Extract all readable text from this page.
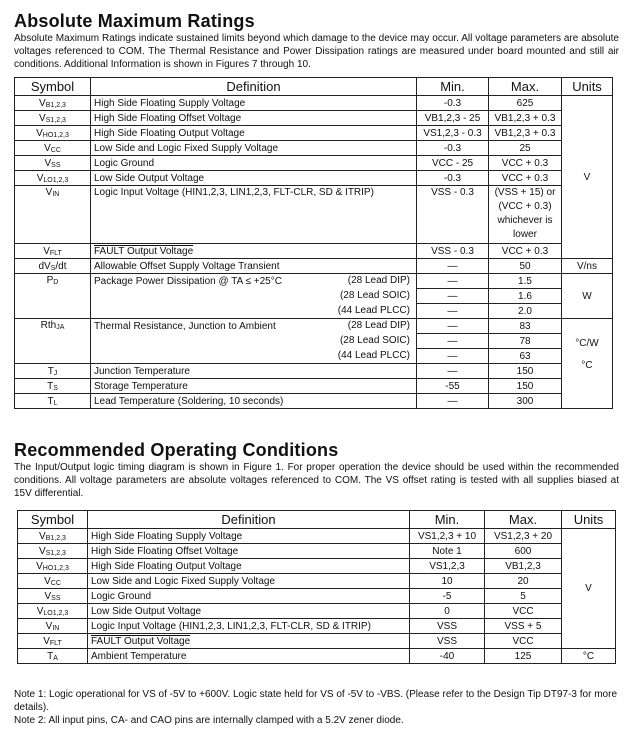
Absolute Maximum Ratings

Absolute Maximum Ratings indicate sustained limits beyond which damage to the device may occur. All voltage parameters are absolute voltages referenced to COM. The Thermal Resistance and Power Dissipation ratings are measured under board mounted and still air conditions. Additional Information is shown in Figures 7 through 10.

Symbol	Definition	Min.	Max.	Units
$V_{B1,2,3}$	High Side Floating Supply Voltage	-0.3	625	V
$V_{S1,2,3}$	High Side Floating Offset Voltage	VB1,2,3 - 25	VB1,2,3 + 0.3	
$V_{HO1,2,3}$	High Side Floating Output Voltage	VS1,2,3 - 0.3	VB1,2,3 + 0.3	
$V_{CC}$	Low Side and Logic Fixed Supply Voltage	-0.3	25	
$V_{SS}$	Logic Ground	VCC - 25	VCC + 0.3	
$V_{LO1,2,3}$	Low Side Output Voltage	-0.3	VCC + 0.3	
$V_{IN}$	Logic Input Voltage (HIN1,2,3, LIN1,2,3, FLT-CLR, SD & ITRIP)	VSS - 0.3	(VSS + 15) or (VCC + 0.3) whichever is lower	
$V_{FLT}$	FAULT Output Voltage	VSS - 0.3	VCC + 0.3	
$dV_S/dt$	Allowable Offset Supply Voltage Transient	—	50	V/ns
$P_D$	Package Power Dissipation @ TA ≤ +25°C (28 Lead DIP)	—	1.5	W

	(28 Lead SOIC)	—	1.6	

	(44 Lead PLCC)	—	2.0	
Rth$_{JA}$	Thermal Resistance, Junction to Ambient (28 Lead DIP)	—	83	°C/W
°C

	(28 Lead SOIC)	—	78	

	(44 Lead PLCC)	—	63	
$T_J$	Junction Temperature	—	150	
$T_S$	Storage Temperature	-55	150	
$T_L$	Lead Temperature (Soldering, 10 seconds)	—	300	
Recommended Operating Conditions

The Input/Output logic timing diagram is shown in Figure 1. For proper operation the device should be used within the recommended conditions. All voltage parameters are absolute voltages referenced to COM. The VS offset rating is tested with all supplies biased at 15V differential.

Symbol	Definition	Min.	Max.	Units
$V_{B1,2,3}$	High Side Floating Supply Voltage	VS1,2,3 + 10	VS1,2,3 + 20	V
$V_{S1,2,3}$	High Side Floating Offset Voltage	Note 1	600	
$V_{HO1,2,3}$	High Side Floating Output Voltage	VS1,2,3	VB1,2,3	
$V_{CC}$	Low Side and Logic Fixed Supply Voltage	10	20	
$V_{SS}$	Logic Ground	-5	5	
$V_{LO1,2,3}$	Low Side Output Voltage	0	VCC	
$V_{IN}$	Logic Input Voltage (HIN1,2,3, LIN1,2,3, FLT-CLR, SD & ITRIP)	VSS	VSS + 5	
$V_{FLT}$	FAULT Output Voltage	VSS	VCC	
$T_A$	Ambient Temperature	-40	125	°C

Note 1: Logic operational for VS of -5V to +600V. Logic state held for VS of -5V to -VBS. (Please refer to the Design Tip DT97-3 for more details).

Note 2: All input pins, CA- and CAO pins are internally clamped with a 5.2V zener diode.
